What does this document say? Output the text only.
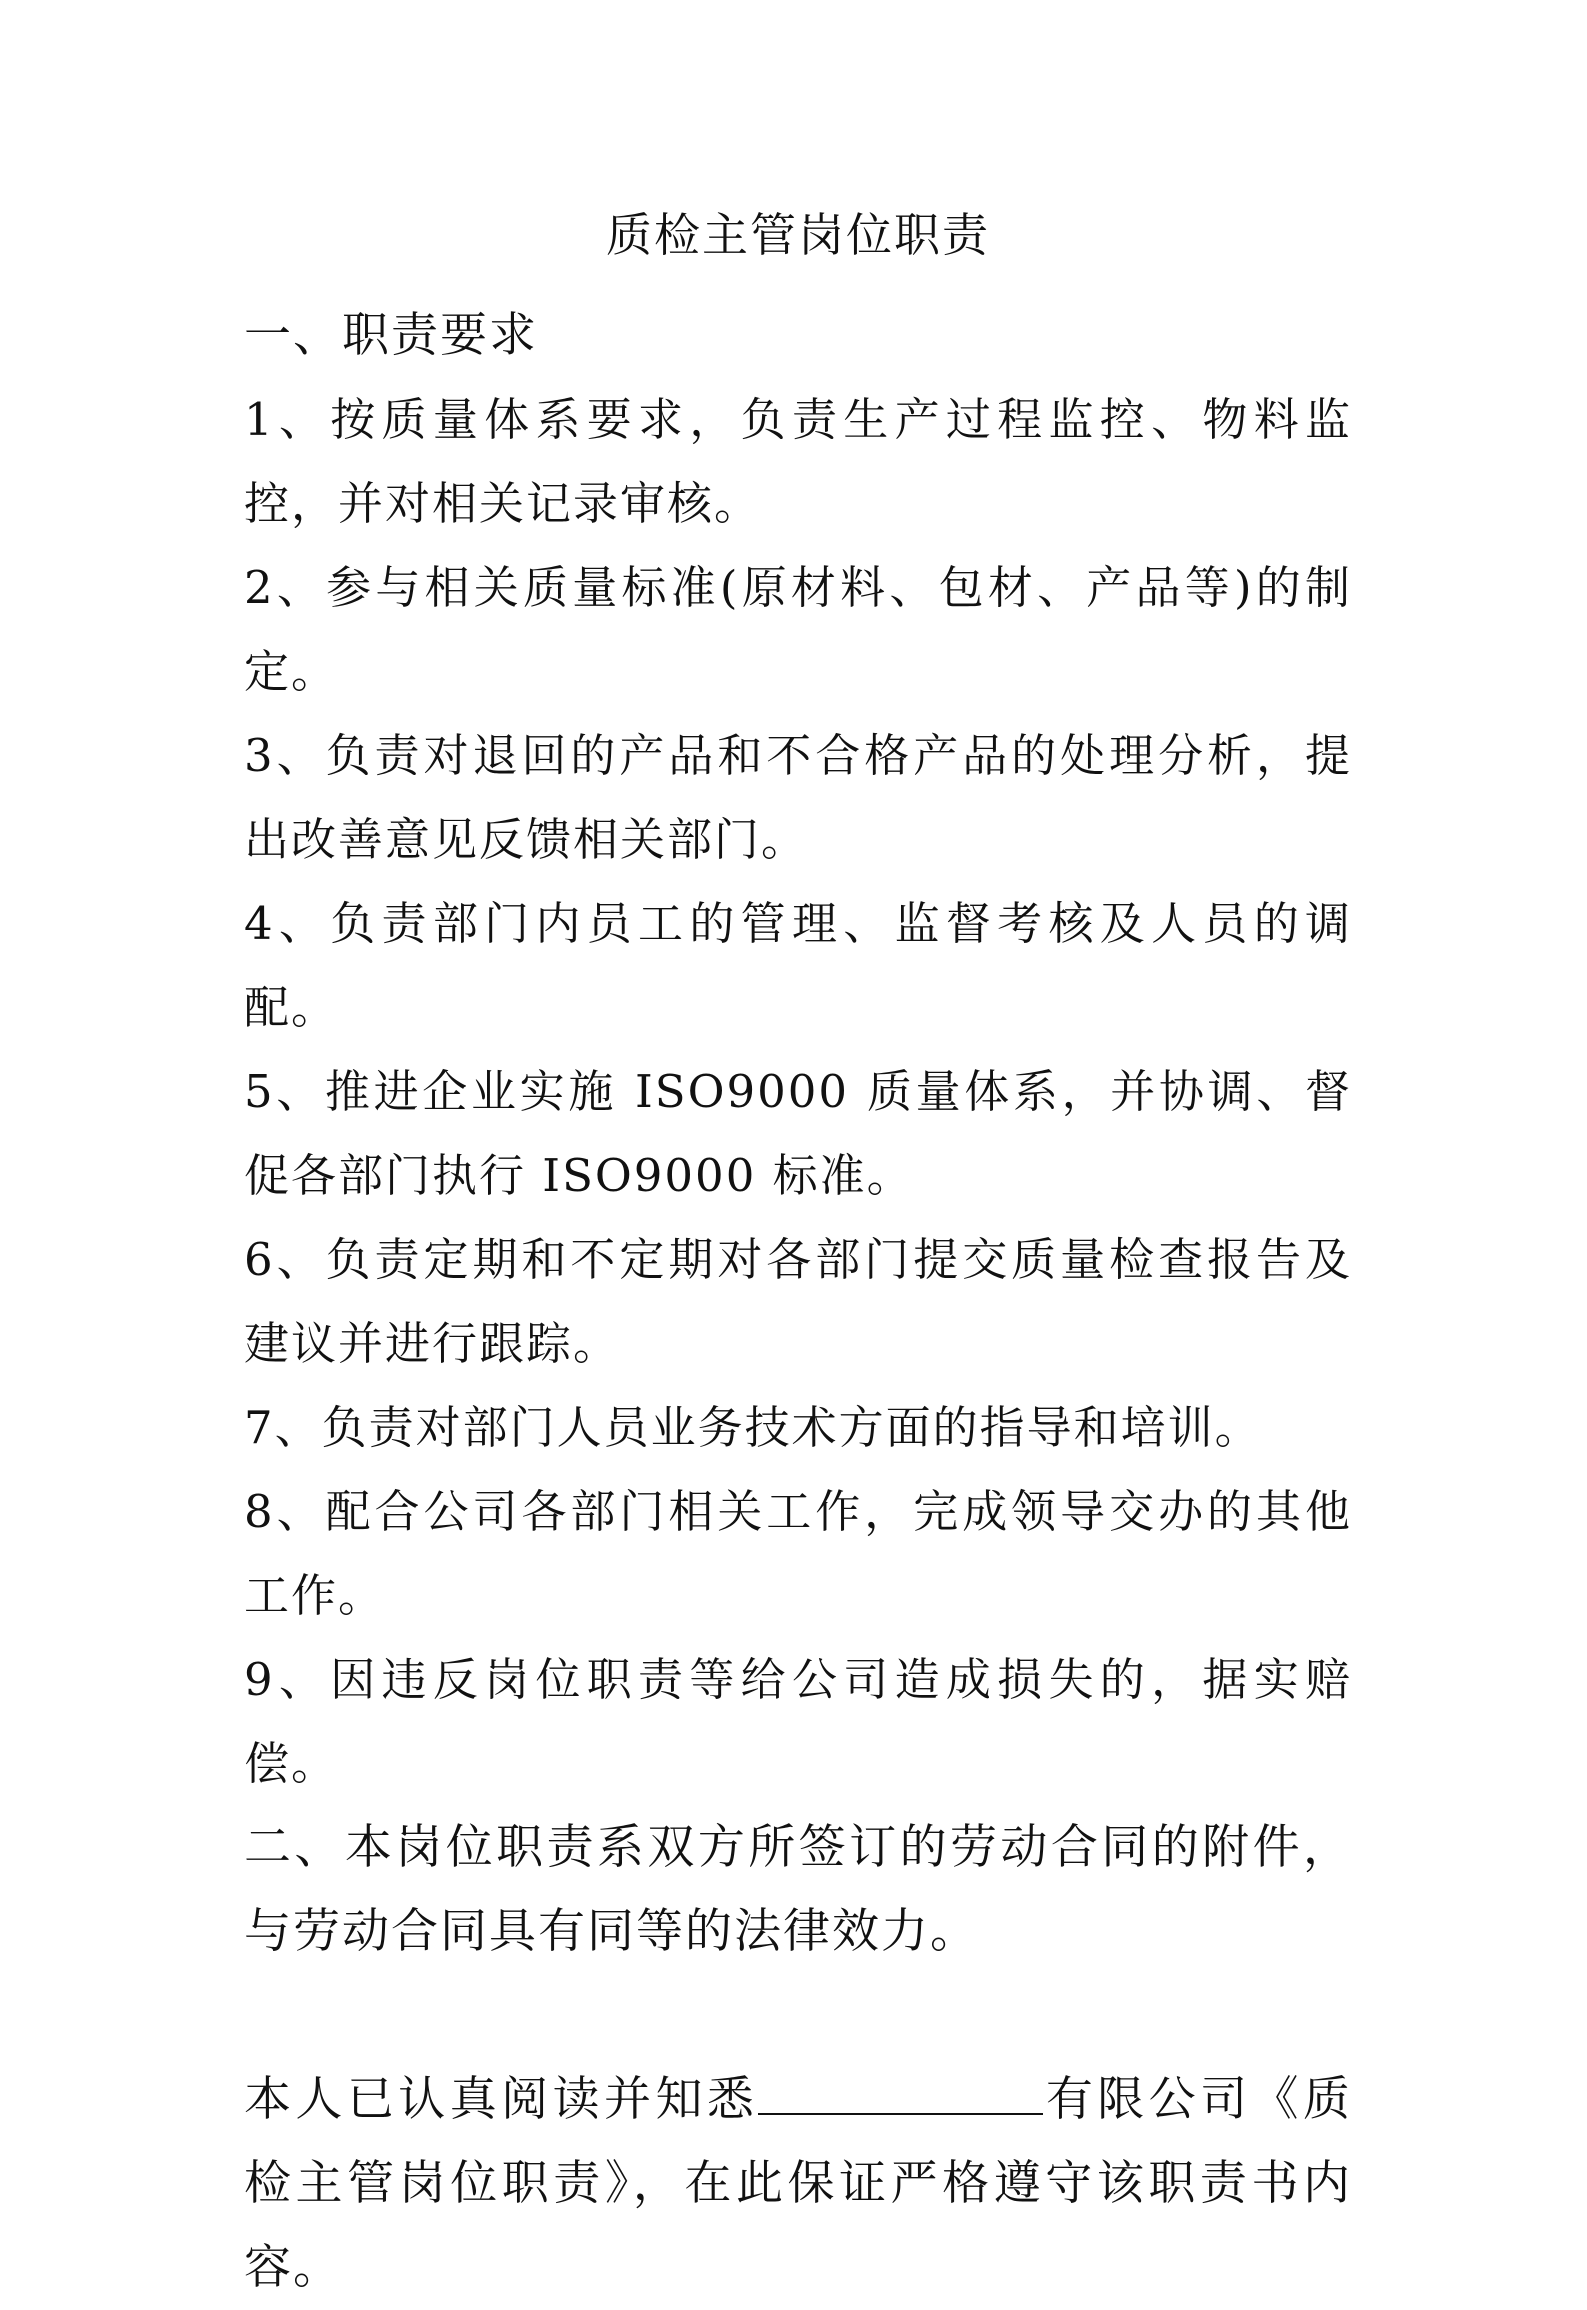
质检主管岗位职责

一、职责要求

1、按质量体系要求，负责生产过程监控、物料监控，并对相关记录审核。

2、参与相关质量标准(原材料、包材、产品等)的制定。

3、负责对退回的产品和不合格产品的处理分析，提出改善意见反馈相关部门。

4、负责部门内员工的管理、监督考核及人员的调配。

5、推进企业实施 ISO9000 质量体系，并协调、督促各部门执行 ISO9000 标准。

6、负责定期和不定期对各部门提交质量检查报告及建议并进行跟踪。

7、负责对部门人员业务技术方面的指导和培训。

8、配合公司各部门相关工作，完成领导交办的其他工作。

9、因违反岗位职责等给公司造成损失的，据实赔偿。

二、本岗位职责系双方所签订的劳动合同的附件，与劳动合同具有同等的法律效力。

本人已认真阅读并知悉	有限公司《质检主管岗位职责》，在此保证严格遵守该职责书内容。
